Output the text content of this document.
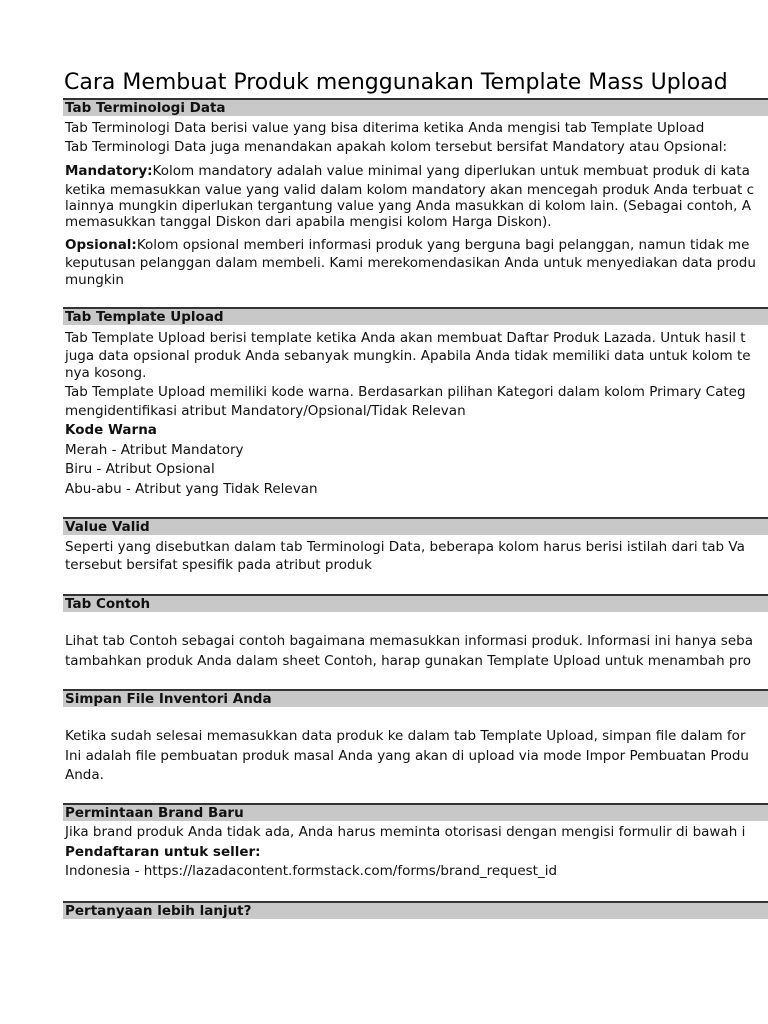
Cara Membuat Produk menggunakan Template Mass Upload
Tab Terminologi Data
Tab Terminologi Data berisi value yang bisa diterima ketika Anda mengisi tab Template Upload
Tab Terminologi Data juga menandakan apakah kolom tersebut bersifat Mandatory atau Opsional:
Mandatory:Kolom mandatory adalah value minimal yang diperlukan untuk membuat produk di kata
ketika memasukkan value yang valid dalam kolom mandatory akan mencegah produk Anda terbuat c
lainnya mungkin diperlukan tergantung value yang Anda masukkan di kolom lain. (Sebagai contoh, A
memasukkan tanggal Diskon dari apabila mengisi kolom Harga Diskon).
Opsional:Kolom opsional memberi informasi produk yang berguna bagi pelanggan, namun tidak me
keputusan pelanggan dalam membeli. Kami merekomendasikan Anda untuk menyediakan data produ
mungkin
Tab Template Upload
Tab Template Upload berisi template ketika Anda akan membuat Daftar Produk Lazada. Untuk hasil t
juga data opsional produk Anda sebanyak mungkin. Apabila Anda tidak memiliki data untuk kolom te
nya kosong.
Tab Template Upload memiliki kode warna. Berdasarkan pilihan Kategori dalam kolom Primary Categ
mengidentifikasi atribut Mandatory/Opsional/Tidak Relevan
Kode Warna
Merah - Atribut Mandatory
Biru - Atribut Opsional
Abu-abu - Atribut yang Tidak Relevan
Value Valid
Seperti yang disebutkan dalam tab Terminologi Data, beberapa kolom harus berisi istilah dari tab Va
tersebut bersifat spesifik pada atribut produk
Tab Contoh
Lihat tab Contoh sebagai contoh bagaimana memasukkan informasi produk. Informasi ini hanya seba
tambahkan produk Anda dalam sheet Contoh, harap gunakan Template Upload untuk menambah pro
Simpan File Inventori Anda
Ketika sudah selesai memasukkan data produk ke dalam tab Template Upload, simpan file dalam for
Ini adalah file pembuatan produk masal Anda yang akan di upload via mode Impor Pembuatan Produ
Anda.
Permintaan Brand Baru
Jika brand produk Anda tidak ada, Anda harus meminta otorisasi dengan mengisi formulir di bawah i
Pendaftaran untuk seller:
Indonesia - https://lazadacontent.formstack.com/forms/brand_request_id
Pertanyaan lebih lanjut?
